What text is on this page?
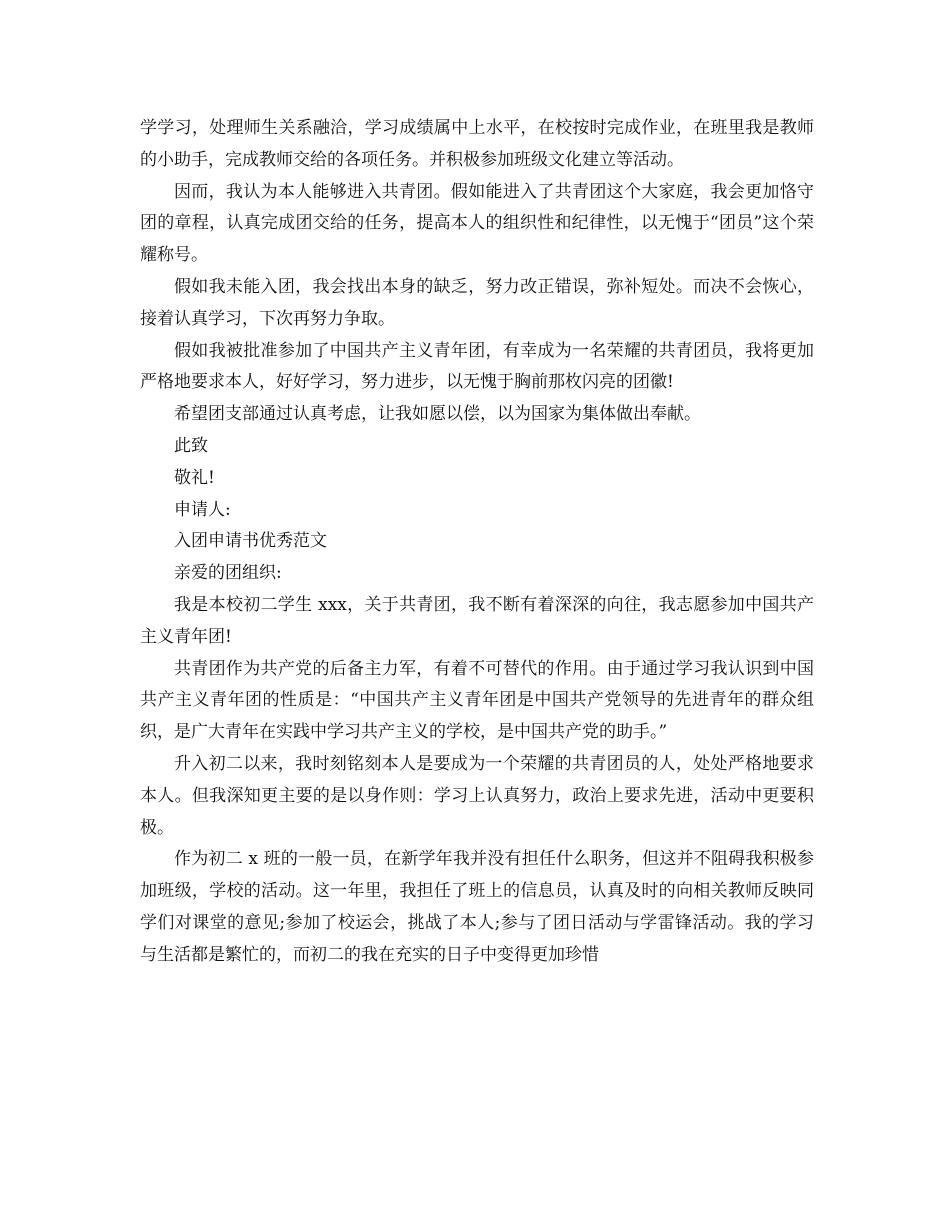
学学习，处理师生关系融洽，学习成绩属中上水平，在校按时完成作业，在班里我是教师的小助手，完成教师交给的各项任务。并积极参加班级文化建立等活动。

因而，我认为本人能够进入共青团。假如能进入了共青团这个大家庭，我会更加恪守团的章程，认真完成团交给的任务，提高本人的组织性和纪律性，以无愧于“团员”这个荣耀称号。

假如我未能入团，我会找出本身的缺乏，努力改正错误，弥补短处。而决不会恢心，接着认真学习，下次再努力争取。

假如我被批准参加了中国共产主义青年团，有幸成为一名荣耀的共青团员，我将更加严格地要求本人，好好学习，努力进步，以无愧于胸前那枚闪亮的团徽!

希望团支部通过认真考虑，让我如愿以偿，以为国家为集体做出奉献。

此致

敬礼!

申请人:

入团申请书优秀范文

亲爱的团组织:

我是本校初二学生 xxx，关于共青团，我不断有着深深的向往，我志愿参加中国共产主义青年团!

共青团作为共产党的后备主力军，有着不可替代的作用。由于通过学习我认识到中国共产主义青年团的性质是：“中国共产主义青年团是中国共产党领导的先进青年的群众组织，是广大青年在实践中学习共产主义的学校，是中国共产党的助手。”

升入初二以来，我时刻铭刻本人是要成为一个荣耀的共青团员的人，处处严格地要求本人。但我深知更主要的是以身作则：学习上认真努力，政治上要求先进，活动中更要积极。

作为初二 x 班的一般一员，在新学年我并没有担任什么职务，但这并不阻碍我积极参加班级，学校的活动。这一年里，我担任了班上的信息员，认真及时的向相关教师反映同学们对课堂的意见;参加了校运会，挑战了本人;参与了团日活动与学雷锋活动。我的学习与生活都是繁忙的，而初二的我在充实的日子中变得更加珍惜
